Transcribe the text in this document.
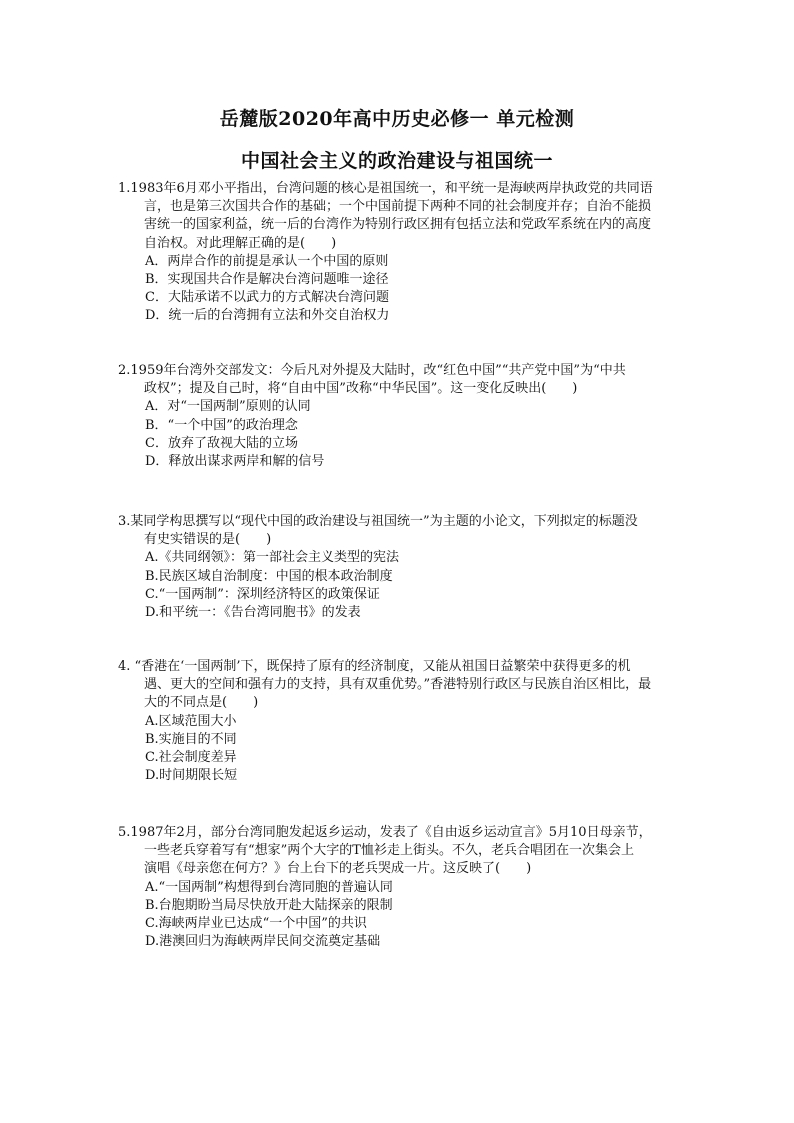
岳麓版2020年高中历史必修一 单元检测
中国社会主义的政治建设与祖国统一

1.1983年6月邓小平指出，台湾问题的核心是祖国统一，和平统一是海峡两岸执政党的共同语
言，也是第三次国共合作的基础；一个中国前提下两种不同的社会制度并存；自治不能损
害统一的国家利益，统一后的台湾作为特别行政区拥有包括立法和党政军系统在内的高度
自治权。对此理解正确的是(　　)

A．两岸合作的前提是承认一个中国的原则
B．实现国共合作是解决台湾问题唯一途径
C．大陆承诺不以武力的方式解决台湾问题
D．统一后的台湾拥有立法和外交自治权力

2.1959年台湾外交部发文：今后凡对外提及大陆时，改“红色中国”“共产党中国”为“中共
政权”；提及自己时，将“自由中国”改称“中华民国”。这一变化反映出(　　)

A．对“一国两制”原则的认同
B．“一个中国”的政治理念
C．放弃了敌视大陆的立场
D．释放出谋求两岸和解的信号

3.某同学构思撰写以“现代中国的政治建设与祖国统一”为主题的小论文，下列拟定的标题没
有史实错误的是(　　)

A.《共同纲领》：第一部社会主义类型的宪法
B.民族区域自治制度：中国的根本政治制度
C.“一国两制”：深圳经济特区的政策保证
D.和平统一：《告台湾同胞书》的发表

4. “香港在‘一国两制’下，既保持了原有的经济制度，又能从祖国日益繁荣中获得更多的机
遇、更大的空间和强有力的支持，具有双重优势。”香港特别行政区与民族自治区相比，最
大的不同点是(　　)

A.区域范围大小
B.实施目的不同
C.社会制度差异
D.时间期限长短

5.1987年2月，部分台湾同胞发起返乡运动，发表了《自由返乡运动宣言》5月10日母亲节，
一些老兵穿着写有“想家”两个大字的T恤衫走上街头。不久，老兵合唱团在一次集会上
演唱《母亲您在何方？》台上台下的老兵哭成一片。这反映了(　　)

A.“一国两制”构想得到台湾同胞的普遍认同
B.台胞期盼当局尽快放开赴大陆探亲的限制
C.海峡两岸业已达成“一个中国”的共识
D.港澳回归为海峡两岸民间交流奠定基础
